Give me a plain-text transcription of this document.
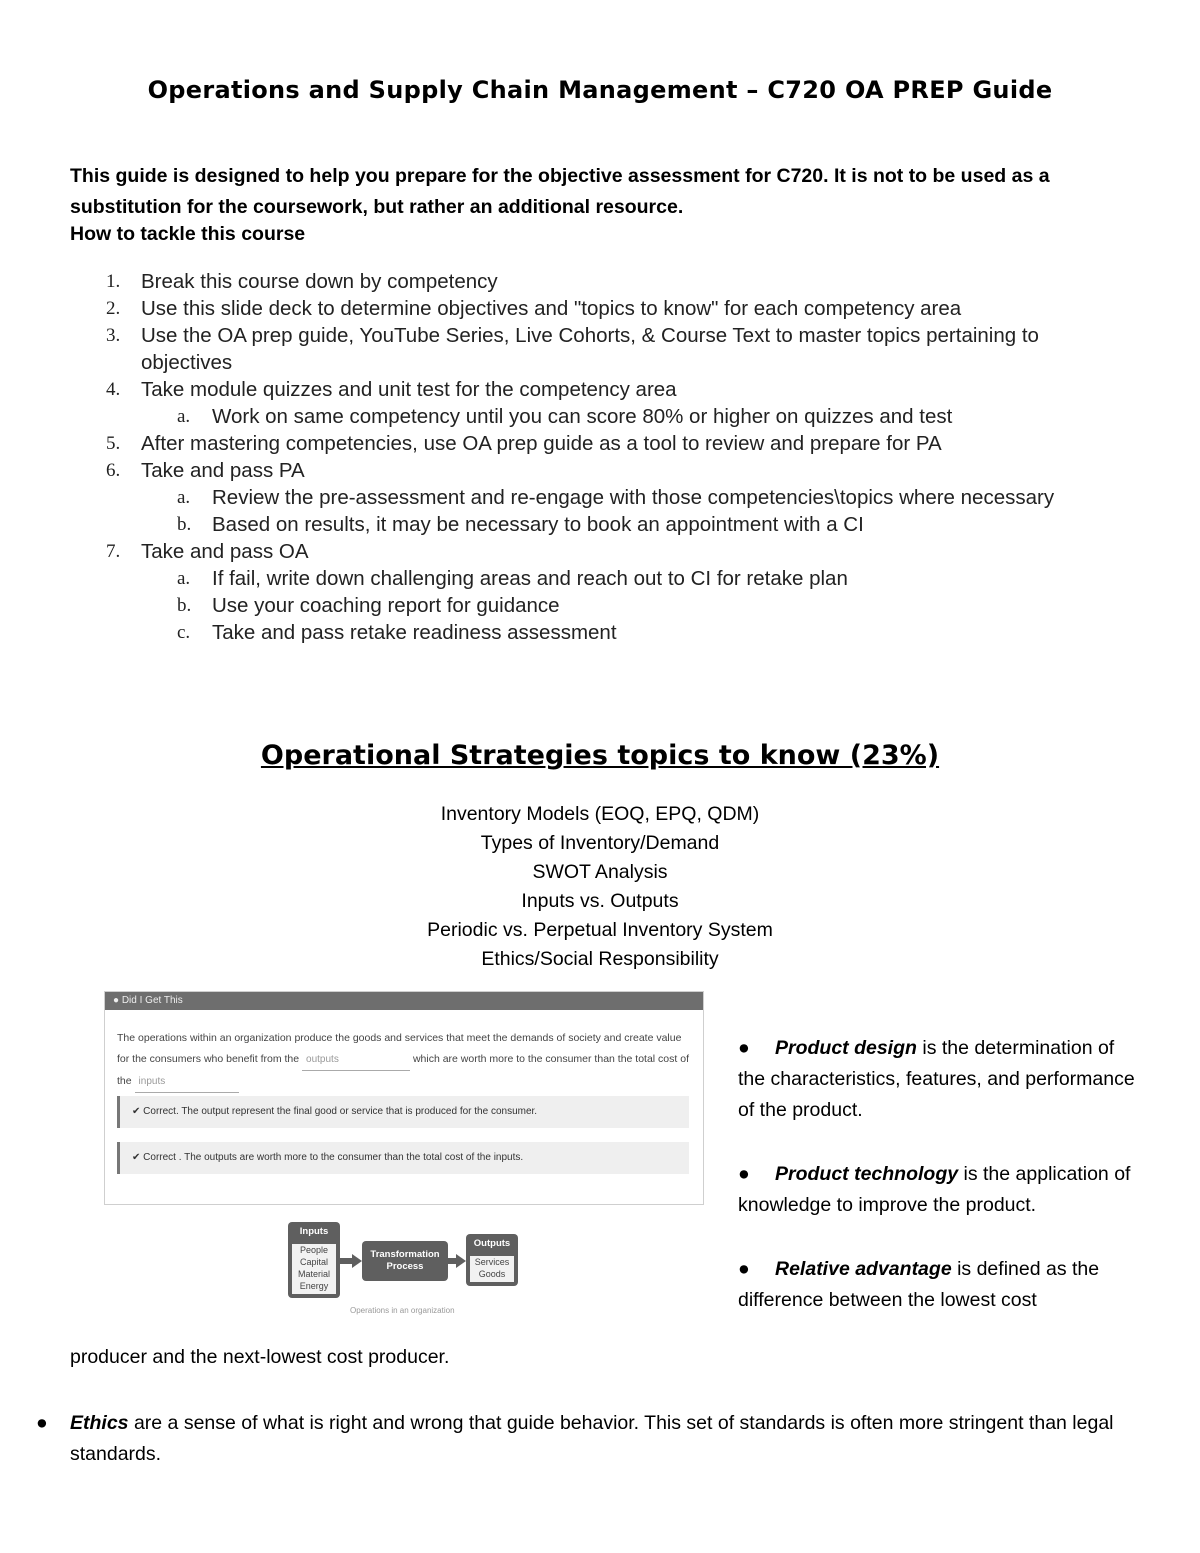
Operations and Supply Chain Management – C720 OA PREP Guide

This guide is designed to help you prepare for the objective assessment for C720. It is not to be used as a substitution for the coursework, but rather an additional resource.

How to tackle this course
1. Break this course down by competency
2. Use this slide deck to determine objectives and "topics to know" for each competency area
3. Use the OA prep guide, YouTube Series, Live Cohorts, & Course Text to master topics pertaining to objectives
4. Take module quizzes and unit test for the competency area
a. Work on same competency until you can score 80% or higher on quizzes and test
5. After mastering competencies, use OA prep guide as a tool to review and prepare for PA
6. Take and pass PA
a. Review the pre-assessment and re-engage with those competencies\topics where necessary
b. Based on results, it may be necessary to book an appointment with a CI
7. Take and pass OA
a. If fail, write down challenging areas and reach out to CI for retake plan
b. Use your coaching report for guidance
c. Take and pass retake readiness assessment
Operational Strategies topics to know (23%)
Inventory Models (EOQ, EPQ, QDM)
Types of Inventory/Demand
SWOT Analysis
Inputs vs. Outputs
Periodic vs. Perpetual Inventory System
Ethics/Social Responsibility
● Did I Get This
The operations within an organization produce the goods and services that meet the demands of society and create value for the consumers who benefit from the outputs	which are worth more to the consumer than the total cost of the inputs
✔ Correct. The output represent the final good or service that is produced for the consumer.
✔ Correct . The outputs are worth more to the consumer than the total cost of the inputs.
Inputs
People
Capital
Material
Energy
Transformation
Process
Outputs
Services
Goods
Operations in an organization
● Product design is the determination of the characteristics, features, and performance of the product.
● Product technology is the application of knowledge to improve the product.
● Relative advantage is defined as the difference between the lowest cost
producer and the next-lowest cost producer.
● Ethics are a sense of what is right and wrong that guide behavior. This set of standards is often more stringent than legal standards.
